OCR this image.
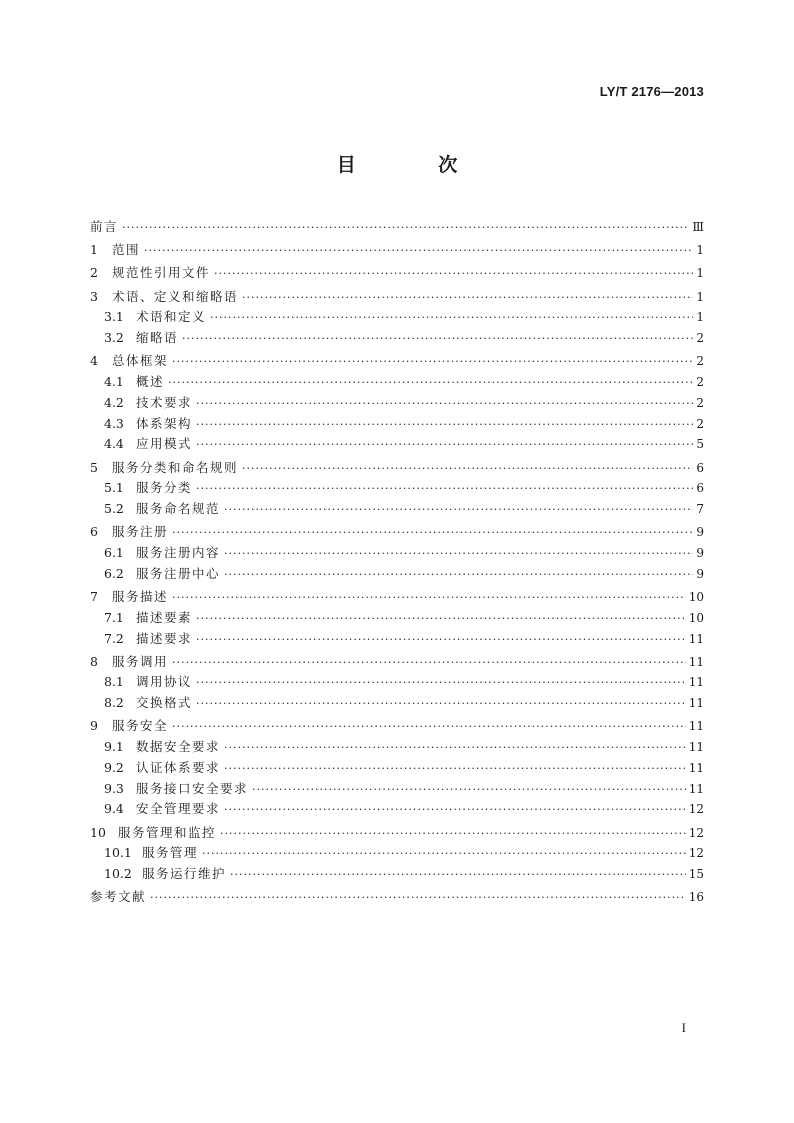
LY/T 2176—2013
目 次
前言 ·····	Ⅲ
1	范围 ·····	1
2	规范性引用文件 ·····	1
3	术语、定义和缩略语 ·····	1
3.1 术语和定义 ·····	1
3.2 缩略语 ·····	2
4	总体框架 ·····	2
4.1 概述 ·····	2
4.2 技术要求 ·····	2
4.3 体系架构 ·····	2
4.4 应用模式 ·····	5
5	服务分类和命名规则 ·····	6
5.1 服务分类 ·····	6
5.2 服务命名规范 ·····	7
6	服务注册 ·····	9
6.1 服务注册内容 ·····	9
6.2 服务注册中心 ·····	9
7	服务描述 ·····	10
7.1 描述要素 ·····	10
7.2 描述要求 ·····	11
8	服务调用 ·····	11
8.1 调用协议 ·····	11
8.2 交换格式 ·····	11
9	服务安全 ·····	11
9.1 数据安全要求 ·····	11
9.2 认证体系要求 ·····	11
9.3 服务接口安全要求 ·····	11
9.4 安全管理要求 ·····	12
10 服务管理和监控 ·····	12
10.1 服务管理 ·····	12
10.2 服务运行维护 ·····	15
参考文献 ·····	16
I
